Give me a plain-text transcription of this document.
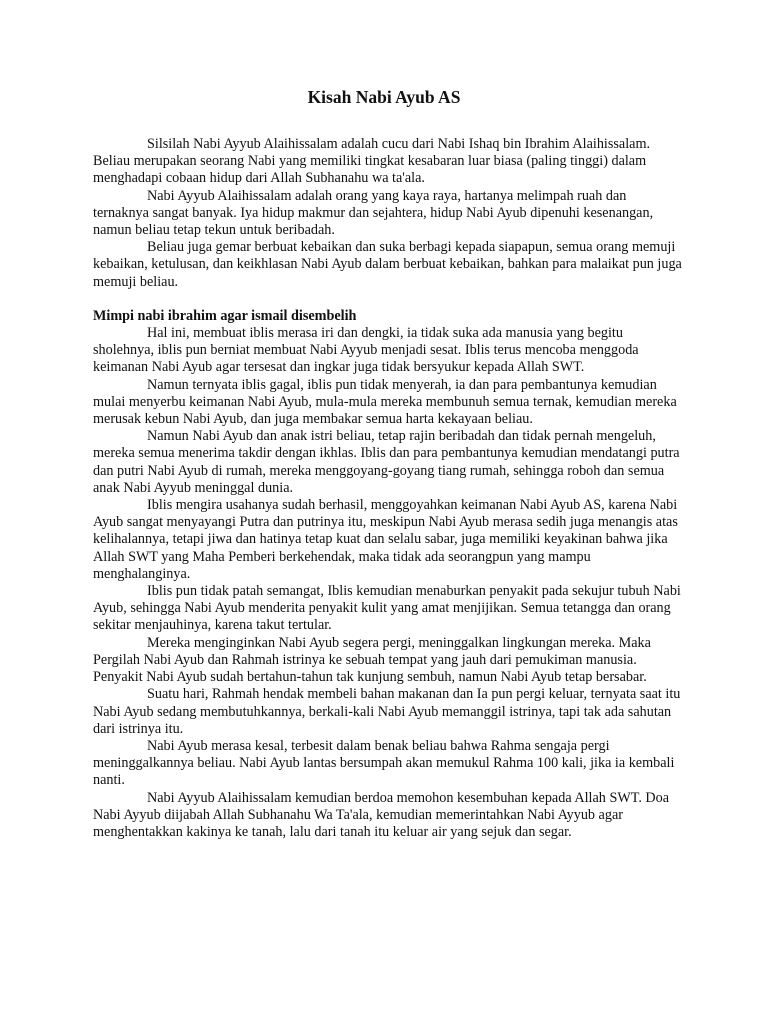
Kisah Nabi Ayub AS

Silsilah Nabi Ayyub Alaihissalam adalah cucu dari Nabi Ishaq bin Ibrahim Alaihissalam. Beliau merupakan seorang Nabi yang memiliki tingkat kesabaran luar biasa (paling tinggi) dalam menghadapi cobaan hidup dari Allah Subhanahu wa ta'ala.

Nabi Ayyub Alaihissalam adalah orang yang kaya raya, hartanya melimpah ruah dan ternaknya sangat banyak. Iya hidup makmur dan sejahtera, hidup Nabi Ayub dipenuhi kesenangan, namun beliau tetap tekun untuk beribadah.

Beliau juga gemar berbuat kebaikan dan suka berbagi kepada siapapun, semua orang memuji kebaikan, ketulusan, dan keikhlasan Nabi Ayub dalam berbuat kebaikan, bahkan para malaikat pun juga memuji beliau.

Mimpi nabi ibrahim agar ismail disembelih

Hal ini, membuat iblis merasa iri dan dengki, ia tidak suka ada manusia yang begitu sholehnya, iblis pun berniat membuat Nabi Ayyub menjadi sesat. Iblis terus mencoba menggoda keimanan Nabi Ayub agar tersesat dan ingkar juga tidak bersyukur kepada Allah SWT.

Namun ternyata iblis gagal, iblis pun tidak menyerah, ia dan para pembantunya kemudian mulai menyerbu keimanan Nabi Ayub, mula-mula mereka membunuh semua ternak, kemudian mereka merusak kebun Nabi Ayub, dan juga membakar semua harta kekayaan beliau.

Namun Nabi Ayub dan anak istri beliau, tetap rajin beribadah dan tidak pernah mengeluh, mereka semua menerima takdir dengan ikhlas. Iblis dan para pembantunya kemudian mendatangi putra dan putri Nabi Ayub di rumah, mereka menggoyang-goyang tiang rumah, sehingga roboh dan semua anak Nabi Ayyub meninggal dunia.

Iblis mengira usahanya sudah berhasil, menggoyahkan keimanan Nabi Ayub AS, karena Nabi Ayub sangat menyayangi Putra dan putrinya itu, meskipun Nabi Ayub merasa sedih juga menangis atas kelihalannya, tetapi jiwa dan hatinya tetap kuat dan selalu sabar, juga memiliki keyakinan bahwa jika Allah SWT yang Maha Pemberi berkehendak, maka tidak ada seorangpun yang mampu menghalanginya.

Iblis pun tidak patah semangat, Iblis kemudian menaburkan penyakit pada sekujur tubuh Nabi Ayub, sehingga Nabi Ayub menderita penyakit kulit yang amat menjijikan. Semua tetangga dan orang sekitar menjauhinya, karena takut tertular.

Mereka menginginkan Nabi Ayub segera pergi, meninggalkan lingkungan mereka. Maka Pergilah Nabi Ayub dan Rahmah istrinya ke sebuah tempat yang jauh dari pemukiman manusia. Penyakit Nabi Ayub sudah bertahun-tahun tak kunjung sembuh, namun Nabi Ayub tetap bersabar.

Suatu hari, Rahmah hendak membeli bahan makanan dan Ia pun pergi keluar, ternyata saat itu Nabi Ayub sedang membutuhkannya, berkali-kali Nabi Ayub memanggil istrinya, tapi tak ada sahutan dari istrinya itu.

Nabi Ayub merasa kesal, terbesit dalam benak beliau bahwa Rahma sengaja pergi meninggalkannya beliau. Nabi Ayub lantas bersumpah akan memukul Rahma 100 kali, jika ia kembali nanti.

Nabi Ayyub Alaihissalam kemudian berdoa memohon kesembuhan kepada Allah SWT. Doa Nabi Ayyub diijabah Allah Subhanahu Wa Ta'ala, kemudian memerintahkan Nabi Ayyub agar menghentakkan kakinya ke tanah, lalu dari tanah itu keluar air yang sejuk dan segar.
